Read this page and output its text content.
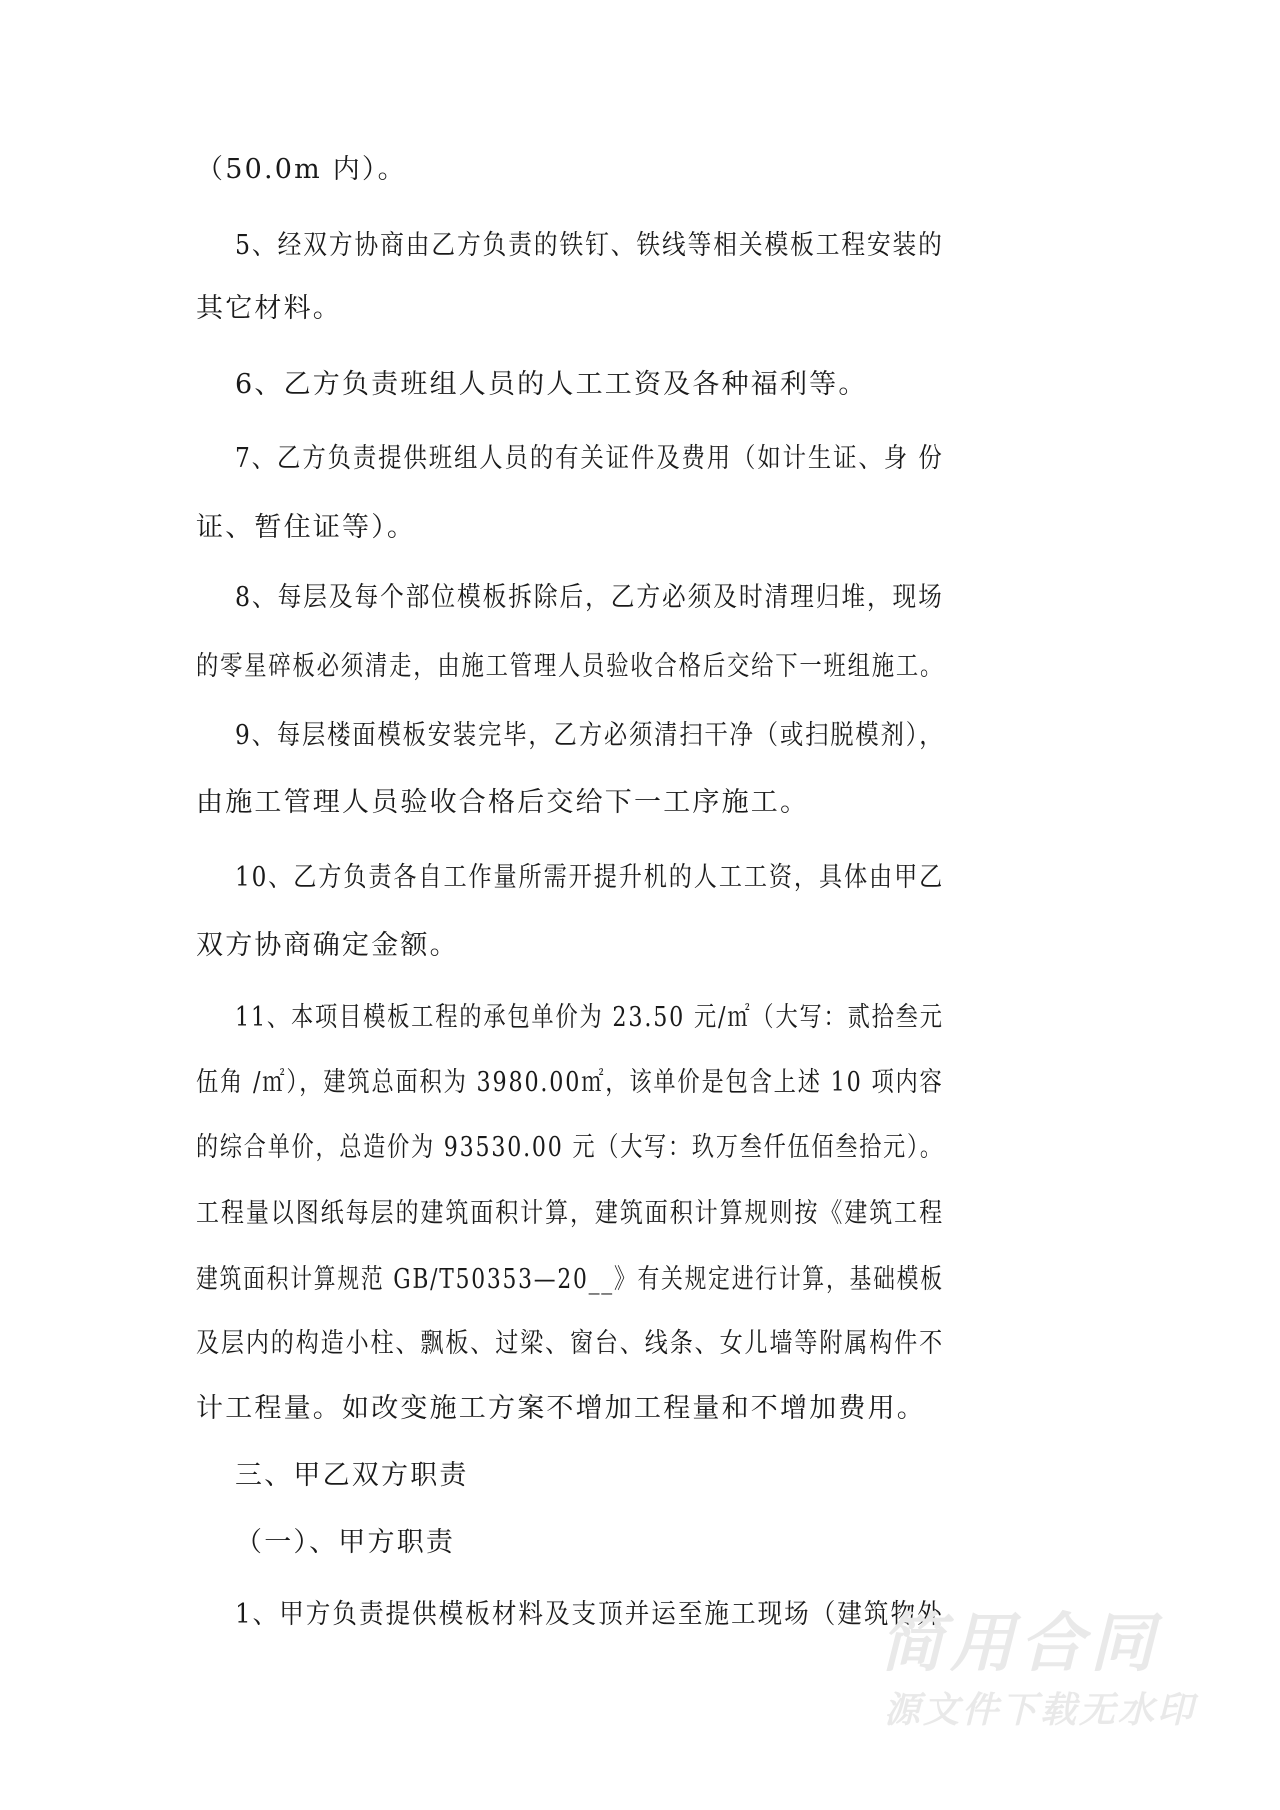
（50.0m 内）。
5、经双方协商由乙方负责的铁钉、铁线等相关模板工程安装的
其它材料。
6、乙方负责班组人员的人工工资及各种福利等。
7、乙方负责提供班组人员的有关证件及费用（如计生证、身 份
证、暂住证等）。
8、每层及每个部位模板拆除后，乙方必须及时清理归堆，现场
的零星碎板必须清走，由施工管理人员验收合格后交给下一班组施工。
9、每层楼面模板安装完毕，乙方必须清扫干净（或扫脱模剂），
由施工管理人员验收合格后交给下一工序施工。
10、乙方负责各自工作量所需开提升机的人工工资，具体由甲乙
双方协商确定金额。
11、本项目模板工程的承包单价为 23.50 元/㎡（大写：贰拾叁元
伍角 /㎡），建筑总面积为 3980.00㎡，该单价是包含上述 10 项内容
的综合单价，总造价为 93530.00 元（大写：玖万叁仟伍佰叁拾元）。
工程量以图纸每层的建筑面积计算，建筑面积计算规则按《建筑工程
建筑面积计算规范 GB/T50353—20__》有关规定进行计算，基础模板
及层内的构造小柱、飘板、过梁、窗台、线条、女儿墙等附属构件不
计工程量。如改变施工方案不增加工程量和不增加费用。
三、甲乙双方职责
（一）、甲方职责
1、甲方负责提供模板材料及支顶并运至施工现场（建筑物外
简用合同
源文件下载无水印
